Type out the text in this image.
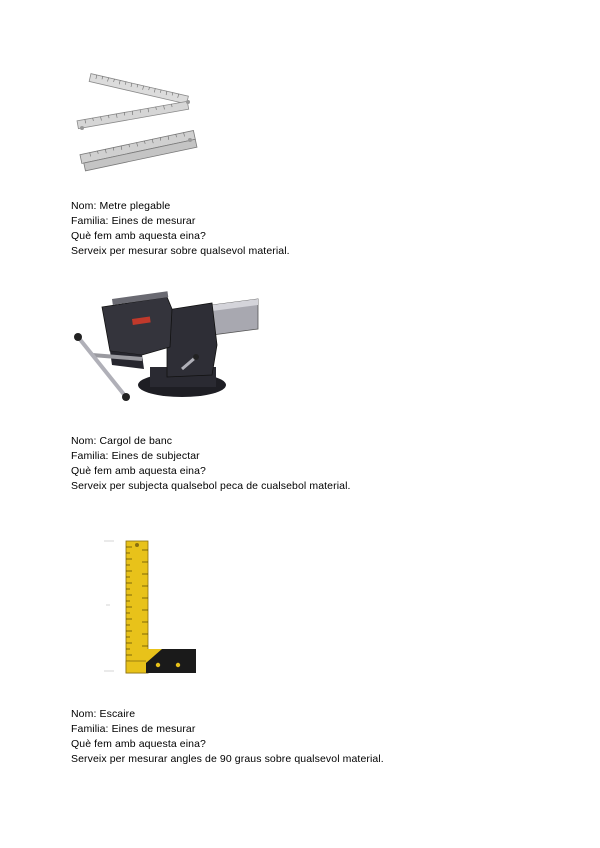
Nom: Metre plegable
Familia: Eines de mesurar
Què fem amb aquesta eina?
Serveix per mesurar sobre qualsevol material.
Nom: Cargol de banc
Familia: Eines de subjectar
Què fem amb aquesta eina?
Serveix per subjecta qualsebol peca de cualsebol material.
Nom: Escaire
Familia: Eines de mesurar
Què fem amb aquesta eina?
Serveix per mesurar angles de 90 graus sobre qualsevol material.
